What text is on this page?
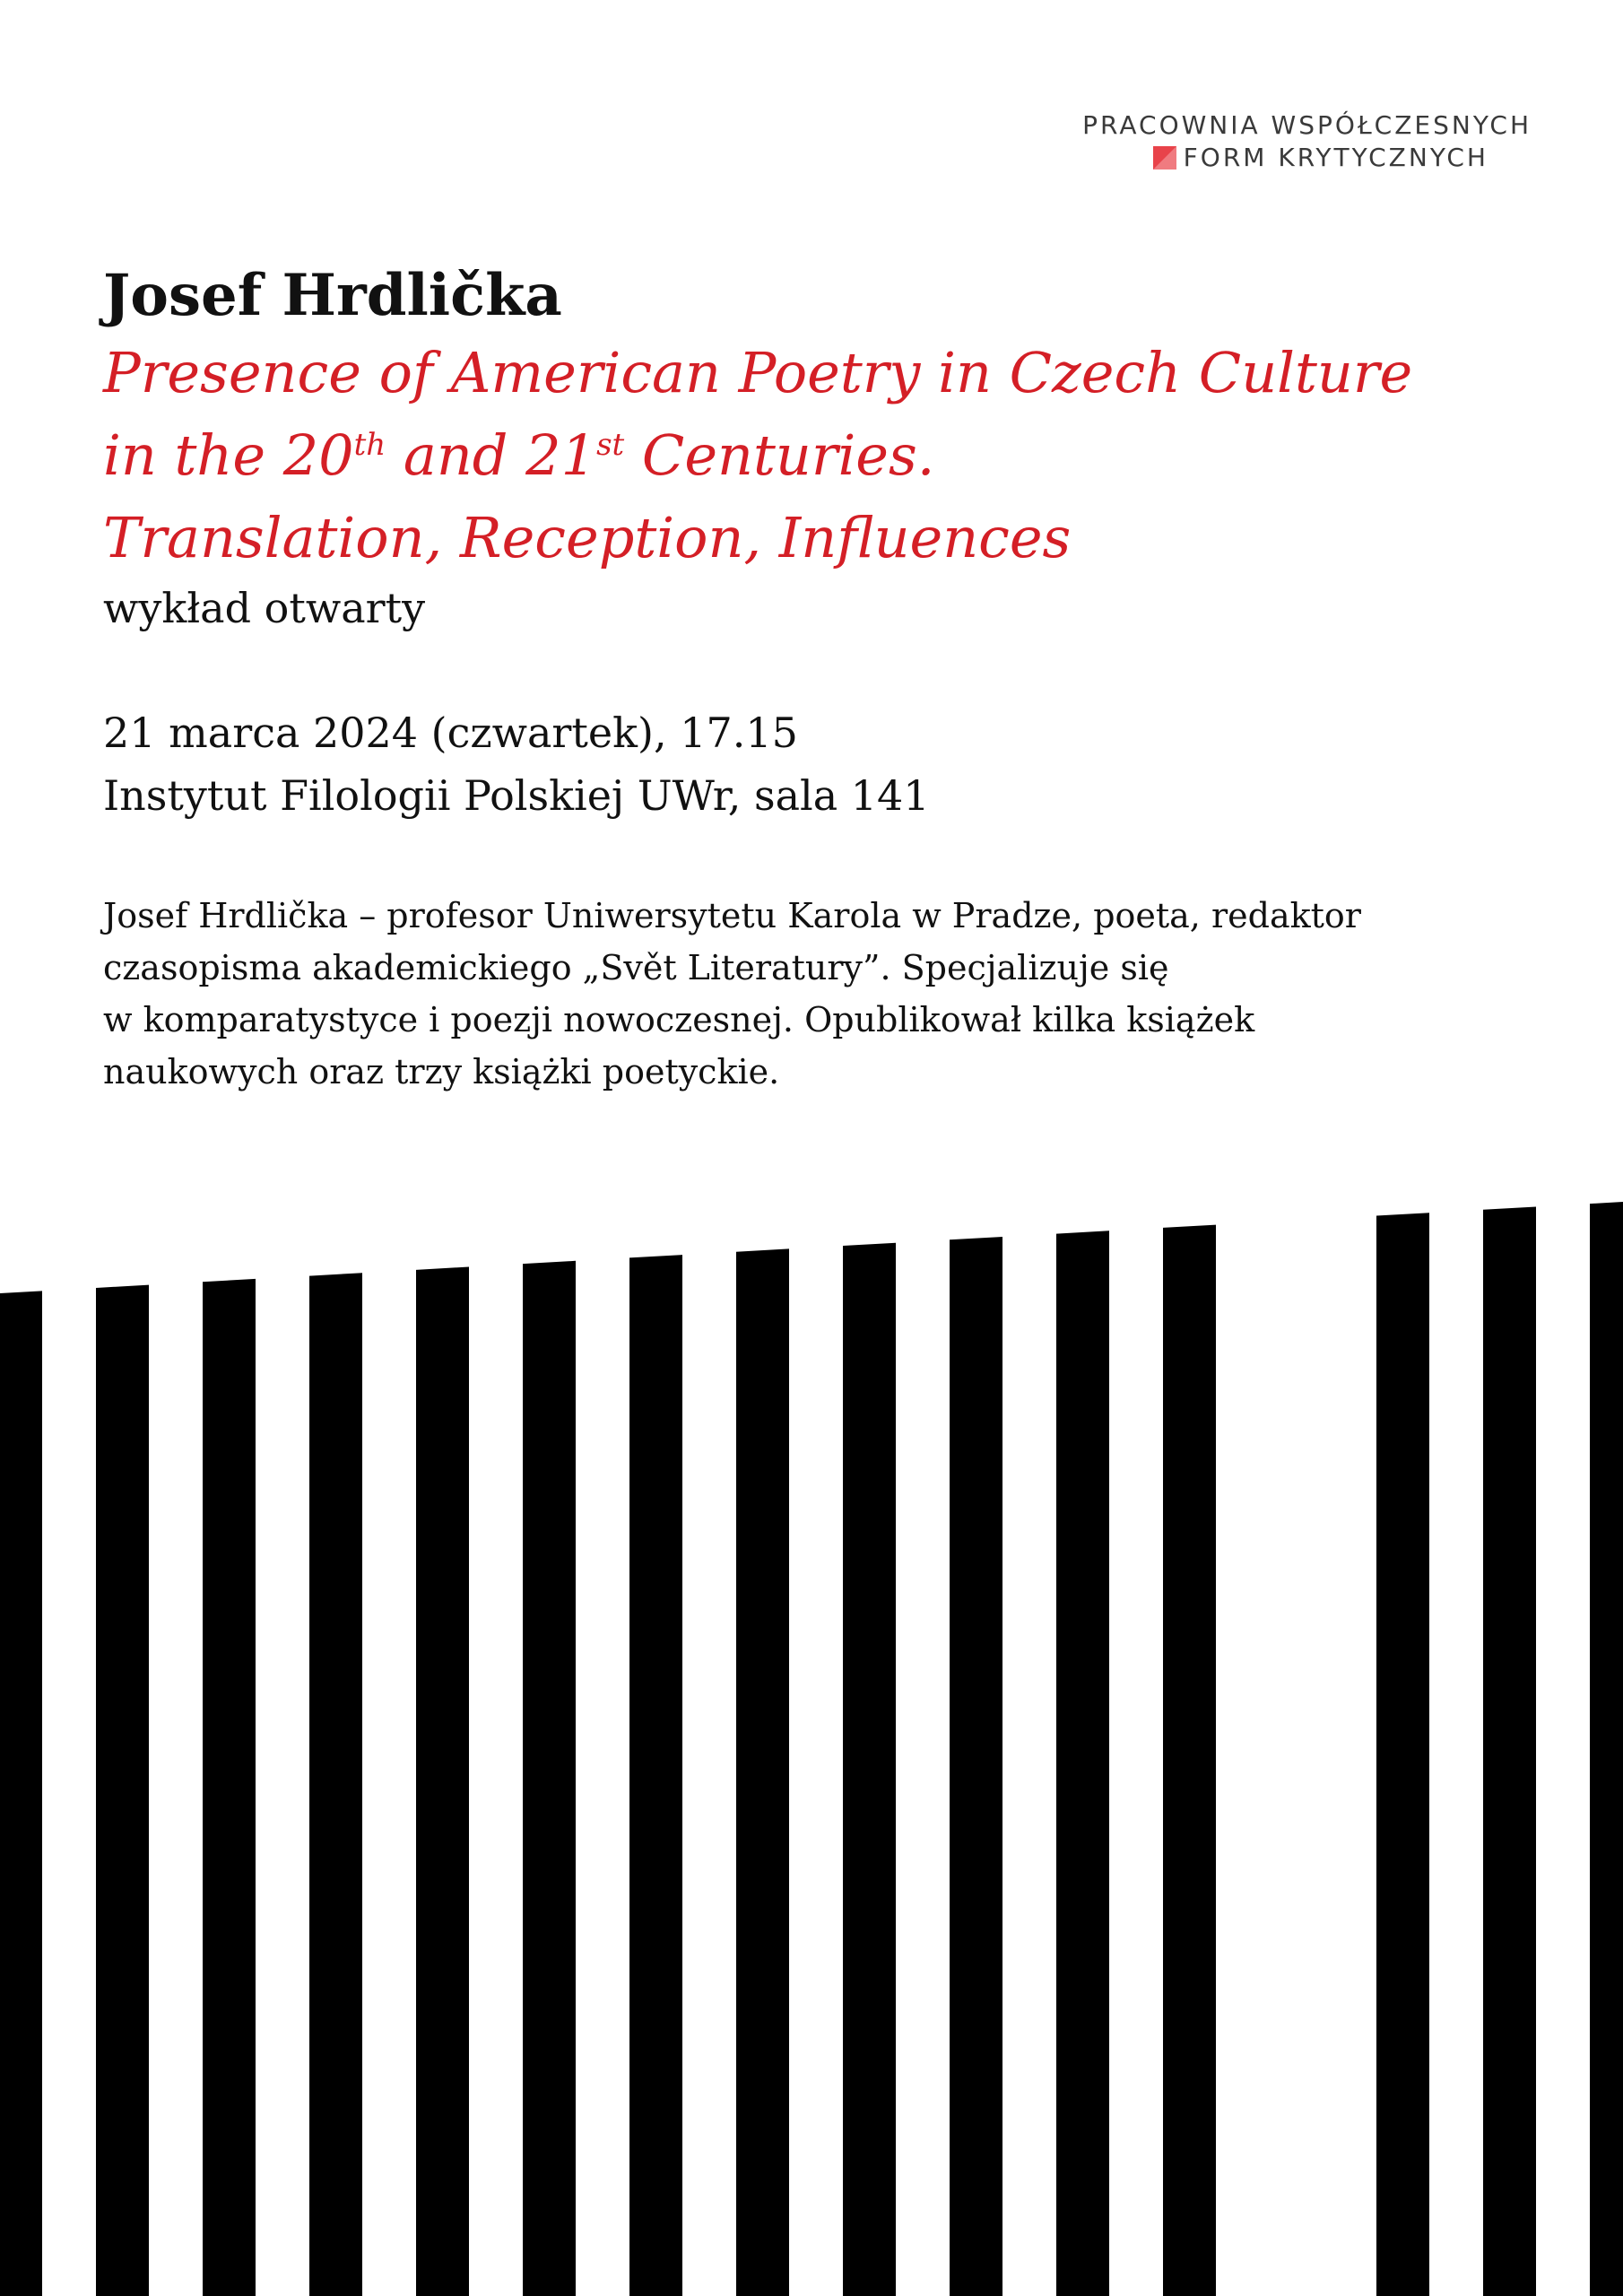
PRACOWNIA WSPÓŁCZESNYCH
FORM KRYTYCZNYCH

Josef Hrdlička

Presence of American Poetry in Czech Culture

in the 20th and 21st Centuries.

Translation, Reception, Influences

wykład otwarty

21 marca 2024 (czwartek), 17.15
Instytut Filologii Polskiej UWr, sala 141
Josef Hrdlička – profesor Uniwersytetu Karola w Pradze, poeta, redaktor
czasopisma akademickiego „Svět Literatury”. Specjalizuje się
w komparatystyce i poezji nowoczesnej. Opublikował kilka książek
naukowych oraz trzy książki poetyckie.
